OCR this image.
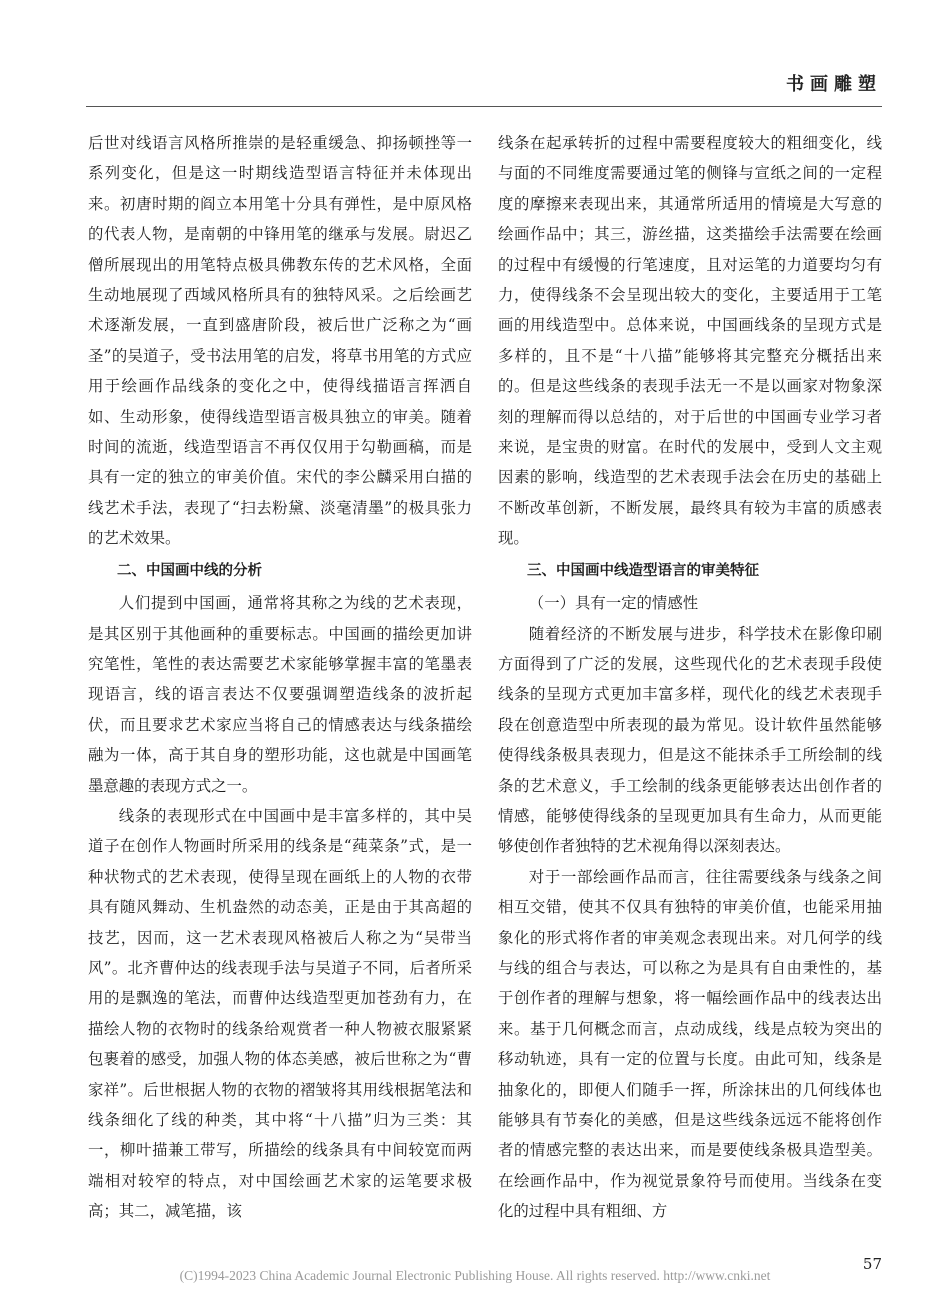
书画雕塑

后世对线语言风格所推崇的是轻重缓急、抑扬顿挫等一系列变化，但是这一时期线造型语言特征并未体现出来。初唐时期的阎立本用笔十分具有弹性，是中原风格的代表人物，是南朝的中锋用笔的继承与发展。尉迟乙僧所展现出的用笔特点极具佛教东传的艺术风格，全面生动地展现了西域风格所具有的独特风采。之后绘画艺术逐渐发展，一直到盛唐阶段，被后世广泛称之为“画圣”的吴道子，受书法用笔的启发，将草书用笔的方式应用于绘画作品线条的变化之中，使得线描语言挥洒自如、生动形象，使得线造型语言极具独立的审美。随着时间的流逝，线造型语言不再仅仅用于勾勒画稿，而是具有一定的独立的审美价值。宋代的李公麟采用白描的线艺术手法，表现了“扫去粉黛、淡毫清墨”的极具张力的艺术效果。

二、中国画中线的分析

人们提到中国画，通常将其称之为线的艺术表现，是其区别于其他画种的重要标志。中国画的描绘更加讲究笔性，笔性的表达需要艺术家能够掌握丰富的笔墨表现语言，线的语言表达不仅要强调塑造线条的波折起伏，而且要求艺术家应当将自己的情感表达与线条描绘融为一体，高于其自身的塑形功能，这也就是中国画笔墨意趣的表现方式之一。

线条的表现形式在中国画中是丰富多样的，其中吴道子在创作人物画时所采用的线条是“莼菜条”式，是一种状物式的艺术表现，使得呈现在画纸上的人物的衣带具有随风舞动、生机盎然的动态美，正是由于其高超的技艺，因而，这一艺术表现风格被后人称之为“吴带当风”。北齐曹仲达的线表现手法与吴道子不同，后者所采用的是飘逸的笔法，而曹仲达线造型更加苍劲有力，在描绘人物的衣物时的线条给观赏者一种人物被衣服紧紧包裹着的感受，加强人物的体态美感，被后世称之为“曹家祥”。后世根据人物的衣物的褶皱将其用线根据笔法和线条细化了线的种类，其中将“十八描”归为三类：其一，柳叶描兼工带写，所描绘的线条具有中间较宽而两端相对较窄的特点，对中国绘画艺术家的运笔要求极高；其二，减笔描，该

线条在起承转折的过程中需要程度较大的粗细变化，线与面的不同维度需要通过笔的侧锋与宣纸之间的一定程度的摩擦来表现出来，其通常所适用的情境是大写意的绘画作品中；其三，游丝描，这类描绘手法需要在绘画的过程中有缓慢的行笔速度，且对运笔的力道要均匀有力，使得线条不会呈现出较大的变化，主要适用于工笔画的用线造型中。总体来说，中国画线条的呈现方式是多样的，且不是“十八描”能够将其完整充分概括出来的。但是这些线条的表现手法无一不是以画家对物象深刻的理解而得以总结的，对于后世的中国画专业学习者来说，是宝贵的财富。在时代的发展中，受到人文主观因素的影响，线造型的艺术表现手法会在历史的基础上不断改革创新，不断发展，最终具有较为丰富的质感表现。

三、中国画中线造型语言的审美特征

（一）具有一定的情感性

随着经济的不断发展与进步，科学技术在影像印刷方面得到了广泛的发展，这些现代化的艺术表现手段使线条的呈现方式更加丰富多样，现代化的线艺术表现手段在创意造型中所表现的最为常见。设计软件虽然能够使得线条极具表现力，但是这不能抹杀手工所绘制的线条的艺术意义，手工绘制的线条更能够表达出创作者的情感，能够使得线条的呈现更加具有生命力，从而更能够使创作者独特的艺术视角得以深刻表达。

对于一部绘画作品而言，往往需要线条与线条之间相互交错，使其不仅具有独特的审美价值，也能采用抽象化的形式将作者的审美观念表现出来。对几何学的线与线的组合与表达，可以称之为是具有自由秉性的，基于创作者的理解与想象，将一幅绘画作品中的线表达出来。基于几何概念而言，点动成线，线是点较为突出的移动轨迹，具有一定的位置与长度。由此可知，线条是抽象化的，即便人们随手一挥，所涂抹出的几何线体也能够具有节奏化的美感，但是这些线条远远不能将创作者的情感完整的表达出来，而是要使线条极具造型美。在绘画作品中，作为视觉景象符号而使用。当线条在变化的过程中具有粗细、方

57
(C)1994-2023 China Academic Journal Electronic Publishing House. All rights reserved. http://www.cnki.net
